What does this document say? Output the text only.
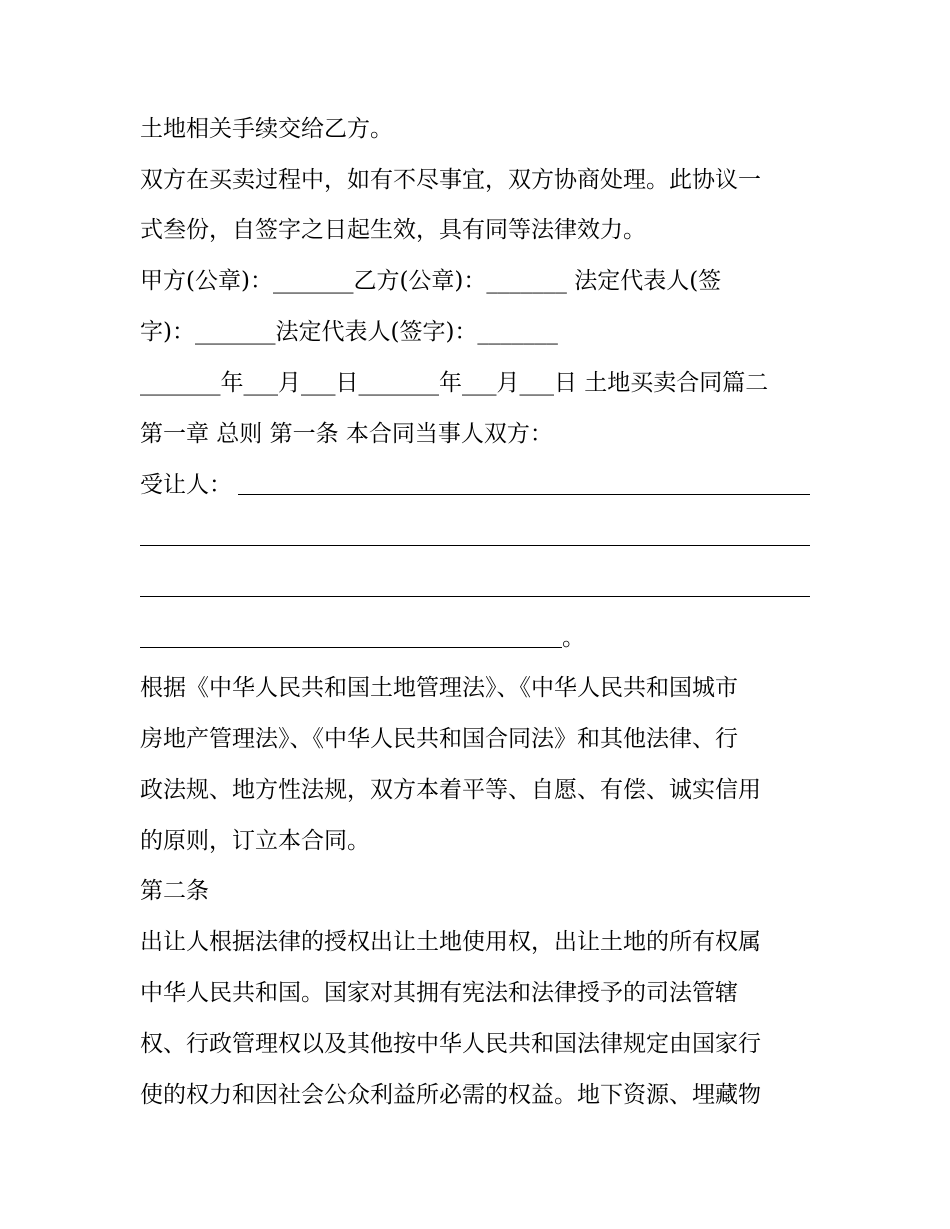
土地相关手续交给乙方。
双方在买卖过程中，如有不尽事宜，双方协商处理。此协议一
式叁份，自签字之日起生效，具有同等法律效力。
甲方(公章)：_______乙方(公章)：_______ 法定代表人(签
字)：_______法定代表人(签字)：_______
_______年___月___日_______年___月___日 土地买卖合同篇二
第一章 总则 第一条 本合同当事人双方：
受让人：
。
根据《中华人民共和国土地管理法》、《中华人民共和国城市
房地产管理法》、《中华人民共和国合同法》和其他法律、行
政法规、地方性法规，双方本着平等、自愿、有偿、诚实信用
的原则，订立本合同。
第二条
出让人根据法律的授权出让土地使用权，出让土地的所有权属
中华人民共和国。国家对其拥有宪法和法律授予的司法管辖
权、行政管理权以及其他按中华人民共和国法律规定由国家行
使的权力和因社会公众利益所必需的权益。地下资源、埋藏物
